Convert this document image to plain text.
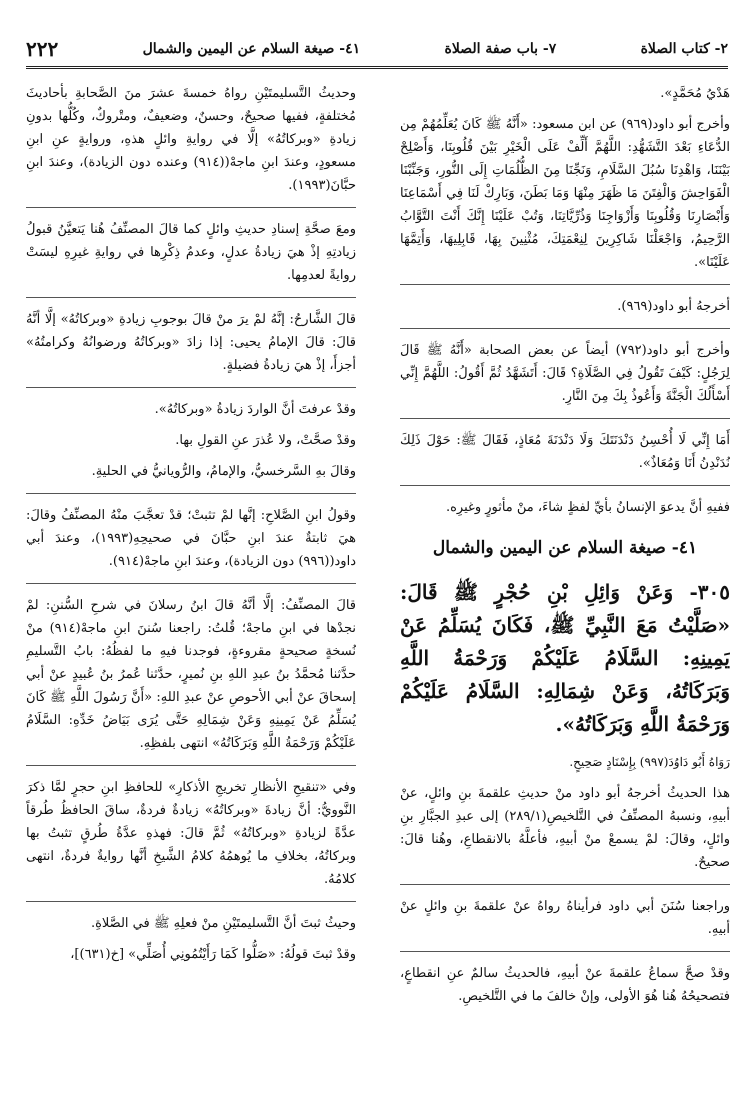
٢- كتاب الصلاة
٧- باب صفة الصلاة
٤١- صيغة السلام عن اليمين والشمال
٢٢٢

هَدْيُ مُحَمَّدٍ».

وأخرج أبو داود(٩٦٩) عن ابن مسعود: «أَنَّهُ ﷺ كَانَ يُعَلِّمُهُمْ مِن الدُّعَاءِ بَعْدَ التَّشَهُّدِ: اللَّهُمَّ أَلِّفْ عَلَى الْخَيْرِ بَيْنَ قُلُوبِنَا، وَأَصْلِحْ بَيْنَنَا، وَاهْدِنَا سُبُلَ السَّلَامِ، وَنَجِّنَا مِنَ الظُّلُمَاتِ إِلَى النُّورِ، وَجَنِّبْنَا الْفَوَاحِشَ وَالْفِتَنَ مَا ظَهَرَ مِنْهَا وَمَا بَطَنَ، وَبَارِكْ لَنَا فِي أَسْمَاعِنَا وَأَبْصَارِنَا وَقُلُوبِنَا وَأَزْوَاجِنَا وَذُرِّيَّاتِنَا، وَتُبْ عَلَيْنَا إِنَّكَ أَنْتَ التَّوَّابُ الرَّحِيمُ، وَاجْعَلْنَا شَاكِرِينَ لِنِعْمَتِكَ، مُثْنِينَ بِهَا، قَابِلِيهَا، وَأَتِمَّهَا عَلَيْنَا».

أخرجهُ أبو داود(٩٦٩).

وأخرج أبو داود(٧٩٢) أيضاً عن بعض الصحابة «أَنَّهُ ﷺ قَالَ لِرَجُلٍ: كَيْفَ تَقُولُ فِي الصَّلَاةِ؟ قَالَ: أَتَشَهَّدُ ثُمَّ أَقُولُ: اللَّهُمَّ إِنِّي أَسْأَلُكَ الْجَنَّةَ وَأَعُوذُ بِكَ مِنَ النَّارِ.

أَمَا إِنِّي لَا أُحْسِنُ دَنْدَنَتَكَ وَلَا دَنْدَنَةَ مُعَاذٍ، فَقَالَ ﷺ: حَوْلَ ذَلِكَ نُدَنْدِنُ أَنَا وَمُعَاذٌ».

ففيهِ أنَّ يدعوَ الإنسانُ بأيِّ لفظٍ شاءَ، منْ مأثورٍ وغيرِه.

٤١- صيغة السلام عن اليمين والشمال
٣٠٥- وَعَنْ وَائِلِ بْنِ حُجْرٍ ﷺ قَالَ: «صَلَّيْتُ مَعَ النَّبِيِّ ﷺ، فَكَانَ يُسَلِّمُ عَنْ يَمِينِهِ: السَّلَامُ عَلَيْكُمْ وَرَحْمَةُ اللَّهِ وَبَرَكَاتُهُ، وَعَنْ شِمَالِهِ: السَّلَامُ عَلَيْكُمْ وَرَحْمَةُ اللَّهِ وَبَرَكَاتُهُ».

رَوَاهُ أَبُو دَاوُدَ(٩٩٧) بِإِسْنَادٍ صَحِيحٍ.

هذا الحديثُ أخرجهُ أبو داود منْ حديثِ علقمةَ بنِ وائلٍ، عنْ أبيهِ، ونسبهُ المصنِّفُ في التَّلخيصِ(٢٨٩/١) إلى عبدِ الجبَّارِ بنِ وائلٍ، وقالَ: لمْ يسمعْ منْ أبيهِ، فأعلَّهُ بالانقطاعِ، وهُنا قالَ: صحيحٌ.

وراجعنا سُنَنَ أبي داود فرأيناهُ رواهُ عنْ علقمةَ بنِ وائلٍ عنْ أبيهِ.

وقدْ صحَّ سماعُ علقمةَ عنْ أبيهِ، فالحديثُ سالمٌ عنِ انقطاعٍ، فتصحيحُهُ هُنا هُوَ الأولى، وإنْ خالفَ ما في التَّلخيصِ.

وحديثُ التَّسليمتَيْنِ رواهُ خمسةَ عشرَ منَ الصَّحابةِ بأحاديثَ مُختلفةٍ، ففيها صحيحٌ، وحسنٌ، وضعيفٌ، ومتْروكٌ، وكُلُّها بدونِ زيادةِ «وبركاتُهُ» إلَّا في روايةِ وائلٍ هذهِ، وروايةٍ عنِ ابنِ مسعودٍ، وعندَ ابنِ ماجهْ((٩١٤) وعنده دون الزيادة)، وعندَ ابنِ حبَّانَ(١٩٩٣).

ومعَ صحَّةِ إسنادِ حديثِ وائلٍ كما قالَ المصنِّفُ هُنا يَتعيَّنُ قبولُ زيادتِهِ إذْ هيَ زيادةُ عدلٍ، وعدمُ ذِكْرِها في روايةِ غيرِهِ ليسَتْ روايةً لعدمِها.

قالَ الشَّارحُ: إنَّهُ لمْ يرَ منْ قالَ بوجوبِ زيادةِ «وبركاتُهُ» إلَّا أنَّهُ قالَ: قالَ الإمامُ يحيى: إذا زادَ «وبركاتُهُ ورضوانُهُ وكرامتُهُ» أجزأَ، إذْ هيَ زيادةُ فضيلةٍ.

وقدْ عرفتَ أنَّ الواردَ زيادةُ «وبركاتُهُ».

وقدْ صحَّتْ، ولا عُذرَ عنِ القولِ بها.

وقالَ بهِ السَّرخسيُّ، والإمامُ، والرُّويانيُّ في الحليةِ.

وقولُ ابنِ الصَّلاحِ: إنَّها لمْ تثبتْ؛ قدْ تعجَّبَ منْهُ المصنِّفُ وقالَ: هيَ ثابتةٌ عندَ ابنِ حبَّانَ في صحيحِهِ(١٩٩٣)، وعندَ أبي داود((٩٩٦) دون الزيادة)، وعندَ ابنِ ماجهْ(٩١٤).

قالَ المصنِّفُ: إلَّا أنَّهُ قالَ ابنُ رسلانَ في شرحِ السُّننِ: لمْ نجدْها في ابنِ ماجهْ؛ قُلتُ: راجعنا سُننَ ابنِ ماجهْ(٩١٤) منْ نُسخةٍ صحيحةٍ مقروءةٍ، فوجدنا فيهِ ما لفظُهُ: بابُ التَّسليمِ حدَّثنا مُحمَّدُ بنُ عبدِ اللهِ بنِ نُميرٍ، حدَّثنا عُمرُ بنُ عُبيدٍ عنْ أبي إسحاقَ عنْ أبي الأحوصِ عنْ عبدِ اللهِ: «أَنَّ رَسُولَ اللَّهِ ﷺ كَانَ يُسَلِّمُ عَنْ يَمِينِهِ وَعَنْ شِمَالِهِ حَتَّى يُرَى بَيَاضُ خَدِّهِ: السَّلَامُ عَلَيْكُمْ وَرَحْمَةُ اللَّهِ وَبَرَكَاتُهُ» انتهى بلفظِهِ.

وفي «تنقيحِ الأنظارِ تخريجِ الأذكارِ» للحافظِ ابنِ حجرٍ لمَّا ذكرَ النَّوويُّ: أنَّ زيادةَ «وبركاتُهُ» زيادةٌ فردةٌ، ساقَ الحافظُ طُرقاً عدَّةً لزيادةِ «وبركاتُهُ» ثُمَّ قالَ: فهذهِ عدَّةُ طُرقٍ تثبتُ بها وبركاتُهُ، بخلافِ ما يُوهمُهُ كلامُ الشَّيخِ أنَّها روايةٌ فردةٌ، انتهى كلامُهُ.

وحيثُ ثبتَ أنَّ التَّسليمتَيْنِ منْ فعلِهِ ﷺ في الصَّلاةِ.

وقدْ ثبتَ قولُهُ: «صَلُّوا كَمَا رَأَيْتُمُونِي أُصَلِّي» [خ(٦٣١)]،
